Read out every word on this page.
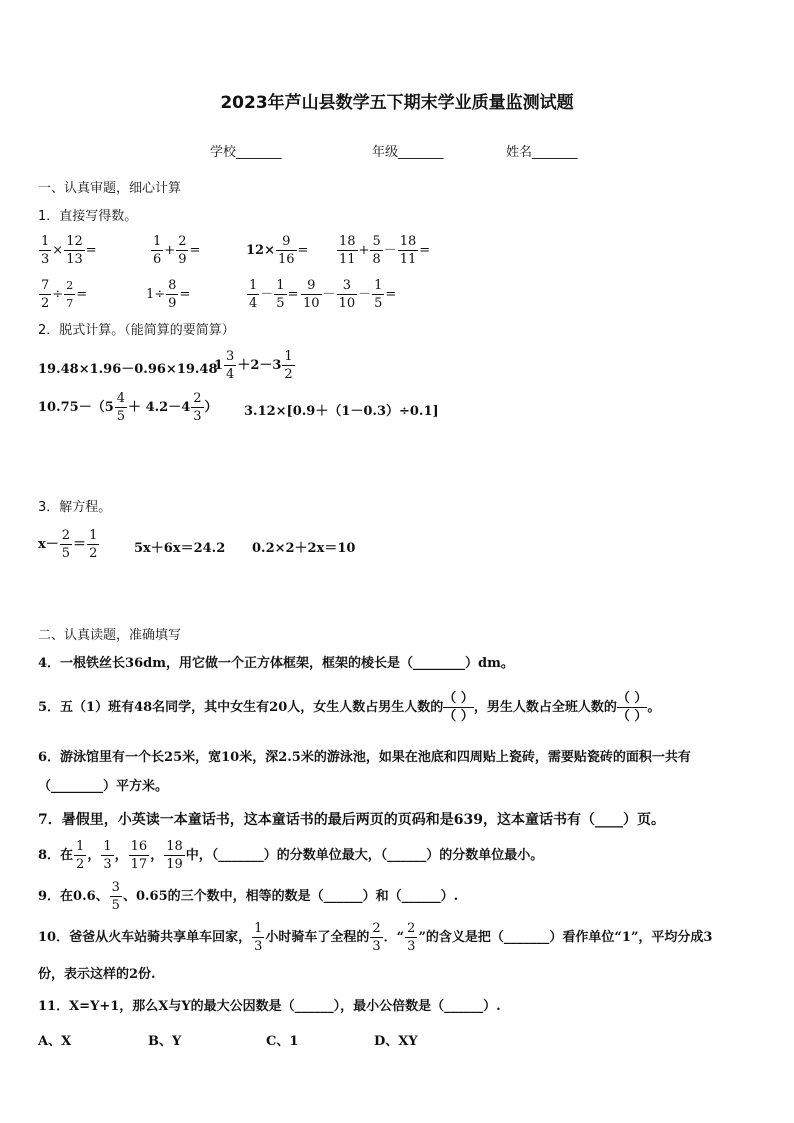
2023年芦山县数学五下期末学业质量监测试题
学校_______	年级_______	姓名_______
一、认真审题，细心计算
1．直接写得数。
$\frac{1}{3} \times \frac{12}{13}$ =	$\frac{1}{6} + \frac{2}{9}$ =	$12\times \frac{9}{16} = \frac{18}{11} + \frac{5}{8} - \frac{18}{11}$ =
$\frac{7}{2} \div \frac{2}{7}$ =	$1\div \frac{8}{9}$ =	$\frac{1}{4} - \frac{1}{5} = \frac{9}{10} - \frac{3}{10} - \frac{1}{5}$ =
2．脱式计算。（能简算的要简算）
19.48×1.96－0.96×19.48
$1 \frac{3}{4} +2-3 \frac{1}{2}$
$10.75-(5 \frac{4}{5} + 4.2-4 \frac{2}{3}$ ） 3.12×[0.9＋（1－0.3）÷0.1]
3．解方程。
$x- \frac{2}{5} = \frac{1}{2}$	5x＋6x＝24.2 0.2×2＋2x＝10
二、认真读题，准确填写
4．一根铁丝长36dm，用它做一个正方体框架，框架的棱长是（________）dm。
5．五（1）班有48名同学，其中女生有20人，女生人数占男生人数的 $\frac{( )}{( )}$ ，男生人数占全班人数的 $\frac{( )}{( )}$ 。
6．游泳馆里有一个长25米，宽10米，深2.5米的游泳池，如果在池底和四周贴上瓷砖，需要贴瓷砖的面积一共有
（________）平方米。
7．暑假里，小英读一本童话书，这本童话书的最后两页的页码和是639，这本童话书有（____）页。
8．在 $\frac{1}{2}$ ， $\frac{1}{3}$ ， $\frac{16}{17}$ ， $\frac{18}{19}$ 中，（_______）的分数单位最大，（______）的分数单位最小。
9．在0.6、 $\frac{3}{5}$ 、0.65的三个数中，相等的数是（______）和（______）.
10．爸爸从火车站骑共享单车回家， $\frac{1}{3}$ 小时骑车了全程的 $\frac{2}{3}$ ．“ $\frac{2}{3}$ ”的含义是把（_______）看作单位“1”，平均分成3
份，表示这样的2份.
11．X=Y+1，那么X与Y的最大公因数是（______），最小公倍数是（______）.
A、X	B、Y	C、1	D、XY
